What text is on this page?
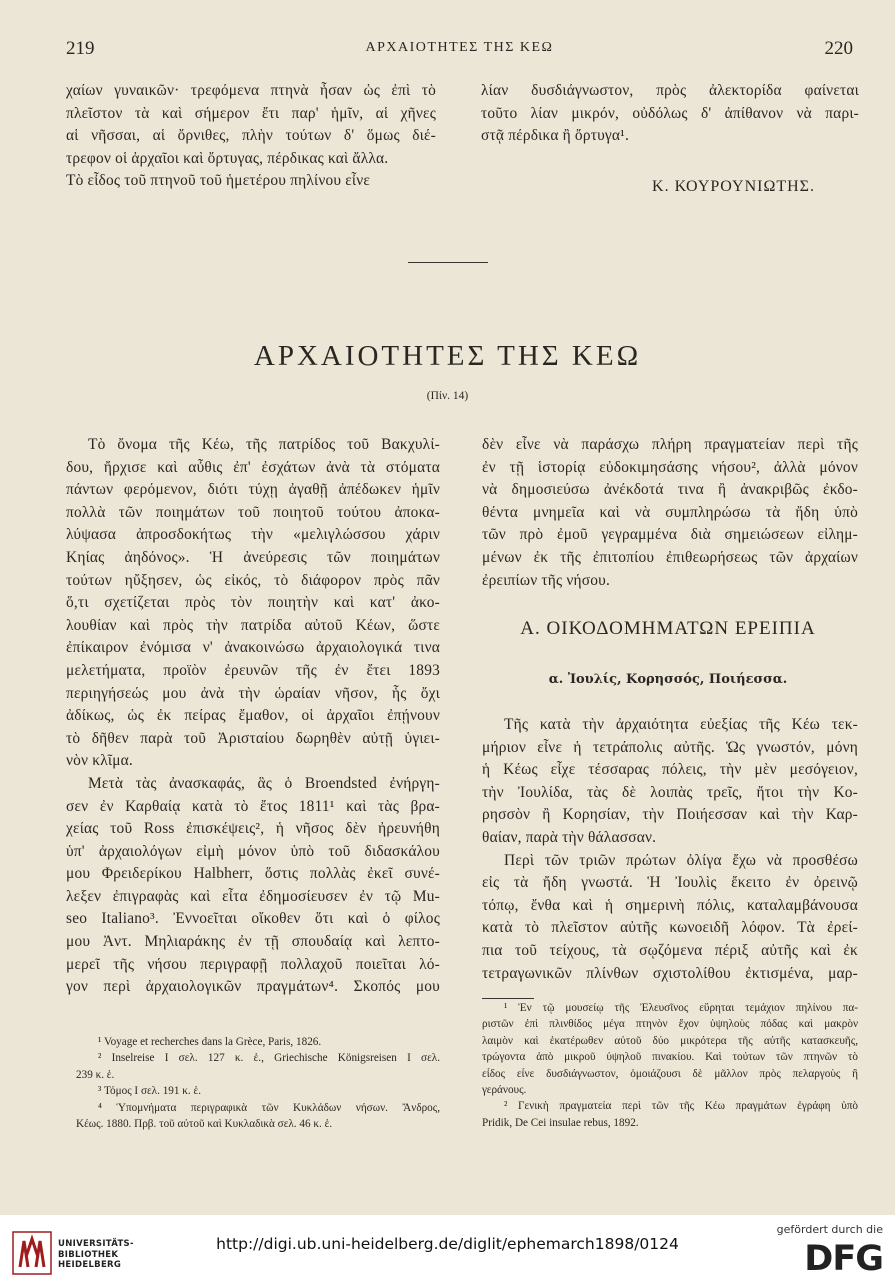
219	ΑΡΧΑΙΟΤΗΤΕΣ ΤΗΣ ΚΕΩ	220
χαίων γυναικῶν· τρεφόμενα πτηνὰ ἦσαν ὡς ἐπὶ τὸ
πλεῖστον τὰ καὶ σήμερον ἔτι παρ' ἡμῖν, αἱ χῆνες
αἱ νῆσσαι, αἱ ὄρνιθες, πλὴν τούτων δ' ὅμως διέ-
τρεφον οἱ ἀρχαῖοι καὶ ὄρτυγας, πέρδικας καὶ ἄλλα.
Τὸ εἶδος τοῦ πτηνοῦ τοῦ ἡμετέρου πηλίνου εἶνε
λίαν δυσδιάγνωστον, πρὸς ἀλεκτορίδα φαίνεται
τοῦτο λίαν μικρόν, οὐδόλως δ' ἀπίθανον νὰ παρι-
στᾷ πέρδικα ἢ ὄρτυγα¹.
Κ. ΚΟΥΡΟΥΝΙΩΤΗΣ.
ΑΡΧΑΙΟΤΗΤΕΣ ΤΗΣ ΚΕΩ
(Πίν. 14)
Τὸ ὄνομα τῆς Κέω, τῆς πατρίδος τοῦ Βακχυλί-
δου, ἤρχισε καὶ αὖθις ἐπ' ἐσχάτων ἀνὰ τὰ στόματα
πάντων φερόμενον, διότι τύχῃ ἀγαθῇ ἀπέδωκεν ἡμῖν
πολλὰ τῶν ποιημάτων τοῦ ποιητοῦ τούτου ἀποκα-
λύψασα ἀπροσδοκήτως τὴν «μελιγλώσσου χάριν
Κηίας ἀηδόνος». Ἡ ἀνεύρεσις τῶν ποιημάτων
τούτων ηὔξησεν, ὡς εἰκός, τὸ διάφορον πρὸς πᾶν
ὅ,τι σχετίζεται πρὸς τὸν ποιητὴν καὶ κατ' ἀκο-
λουθίαν καὶ πρὸς τὴν πατρίδα αὐτοῦ Κέων, ὥστε
ἐπίκαιρον ἐνόμισα ν' ἀνακοινώσω ἀρχαιολογικά τινα
μελετήματα, προϊὸν ἐρευνῶν τῆς ἐν ἔτει 1893
περιηγήσεώς μου ἀνὰ τὴν ὡραίαν νῆσον, ἧς ὄχι
ἀδίκως, ὡς ἐκ πείρας ἔμαθον, οἱ ἀρχαῖοι ἐπῄνουν
τὸ δῆθεν παρὰ τοῦ Ἀρισταίου δωρηθὲν αὐτῇ ὑγιει-
νὸν κλῖμα.
Μετὰ τὰς ἀνασκαφάς, ἃς ὁ Broendsted ἐνήργη-
σεν ἐν Καρθαίᾳ κατὰ τὸ ἔτος 1811¹ καὶ τὰς βρα-
χείας τοῦ Ross ἐπισκέψεις², ἡ νῆσος δὲν ἠρευνήθη
ὑπ' ἀρχαιολόγων εἰμὴ μόνον ὑπὸ τοῦ διδασκάλου
μου Φρειδερίκου Halbherr, ὅστις πολλὰς ἐκεῖ συνέ-
λεξεν ἐπιγραφὰς καὶ εἶτα ἐδημοσίευσεν ἐν τῷ Mu-
seo Italiano³. Ἐννοεῖται οἴκοθεν ὅτι καὶ ὁ φίλος
μου Ἀντ. Μηλιαράκης ἐν τῇ σπουδαίᾳ καὶ λεπτο-
μερεῖ τῆς νήσου περιγραφῇ πολλαχοῦ ποιεῖται λό-
γον περὶ ἀρχαιολογικῶν πραγμάτων⁴. Σκοπός μου
¹ Voyage et recherches dans la Grèce, Paris, 1826.
² Inselreise I σελ. 127 κ. ἑ., Griechische Königsreisen I σελ.
239 κ. ἑ.
³ Τόμος I σελ. 191 κ. ἑ.
⁴ Ὑπομνήματα περιγραφικὰ τῶν Κυκλάδων νήσων. Ἄνδρος,
Κέως. 1880. Πρβ. τοῦ αὐτοῦ καὶ Κυκλαδικὰ σελ. 46 κ. ἑ.
δὲν εἶνε νὰ παράσχω πλήρη πραγματείαν περὶ τῆς
ἐν τῇ ἱστορίᾳ εὐδοκιμησάσης νήσου², ἀλλὰ μόνον
νὰ δημοσιεύσω ἀνέκδοτά τινα ἢ ἀνακριβῶς ἐκδο-
θέντα μνημεῖα καὶ νὰ συμπληρώσω τὰ ἤδη ὑπὸ
τῶν πρὸ ἐμοῦ γεγραμμένα διὰ σημειώσεων εἰλημ-
μένων ἐκ τῆς ἐπιτοπίου ἐπιθεωρήσεως τῶν ἀρχαίων
ἐρειπίων τῆς νήσου.
Α. ΟΙΚΟΔΟΜΗΜΑΤΩΝ ΕΡΕΙΠΙΑ
α. Ἰουλίς, Κορησσός, Ποιήεσσα.
Τῆς κατὰ τὴν ἀρχαιότητα εὐεξίας τῆς Κέω τεκ-
μήριον εἶνε ἡ τετράπολις αὐτῆς. Ὡς γνωστόν, μόνη
ἡ Κέως εἶχε τέσσαρας πόλεις, τὴν μὲν μεσόγειον,
τὴν Ἰουλίδα, τὰς δὲ λοιπὰς τρεῖς, ἤτοι τὴν Κο-
ρησσὸν ἢ Κορησίαν, τὴν Ποιήεσσαν καὶ τὴν Καρ-
θαίαν, παρὰ τὴν θάλασσαν.
Περὶ τῶν τριῶν πρώτων ὀλίγα ἔχω νὰ προσθέσω
εἰς τὰ ἤδη γνωστά. Ἡ Ἰουλὶς ἔκειτο ἐν ὀρεινῷ
τόπῳ, ἔνθα καὶ ἡ σημερινὴ πόλις, καταλαμβάνουσα
κατὰ τὸ πλεῖστον αὐτῆς κωνοειδῆ λόφον. Τὰ ἐρεί-
πια τοῦ τείχους, τὰ σῳζόμενα πέριξ αὐτῆς καὶ ἐκ
τετραγωνικῶν πλίνθων σχιστολίθου ἐκτισμένα, μαρ-
¹ Ἐν τῷ μουσείῳ τῆς Ἐλευσῖνος εὕρηται τεμάχιον πηλίνου πα-
ριστῶν ἐπὶ πλινθίδος μέγα πτηνὸν ἔχον ὑψηλοὺς πόδας καὶ μακρὸν
λαιμὸν καὶ ἑκατέρωθεν αὐτοῦ δύο μικρότερα τῆς αὐτῆς κατασκευῆς,
τρώγοντα ἀπὸ μικροῦ ὑψηλοῦ πινακίου. Καὶ τούτων τῶν πτηνῶν τὸ
εἶδος εἶνε δυσδιάγνωστον, ὁμοιάζουσι δὲ μᾶλλον πρὸς πελαργοὺς ἢ
γεράνους.
² Γενικὴ πραγματεία περὶ τῶν τῆς Κέω πραγμάτων ἐγράφη ὑπὸ
Pridik, De Cei insulae rebus, 1892.
UNIVERSITÄTS-
BIBLIOTHEK
HEIDELBERG
http://digi.ub.uni-heidelberg.de/diglit/ephemarch1898/0124
gefördert durch die
DFG
